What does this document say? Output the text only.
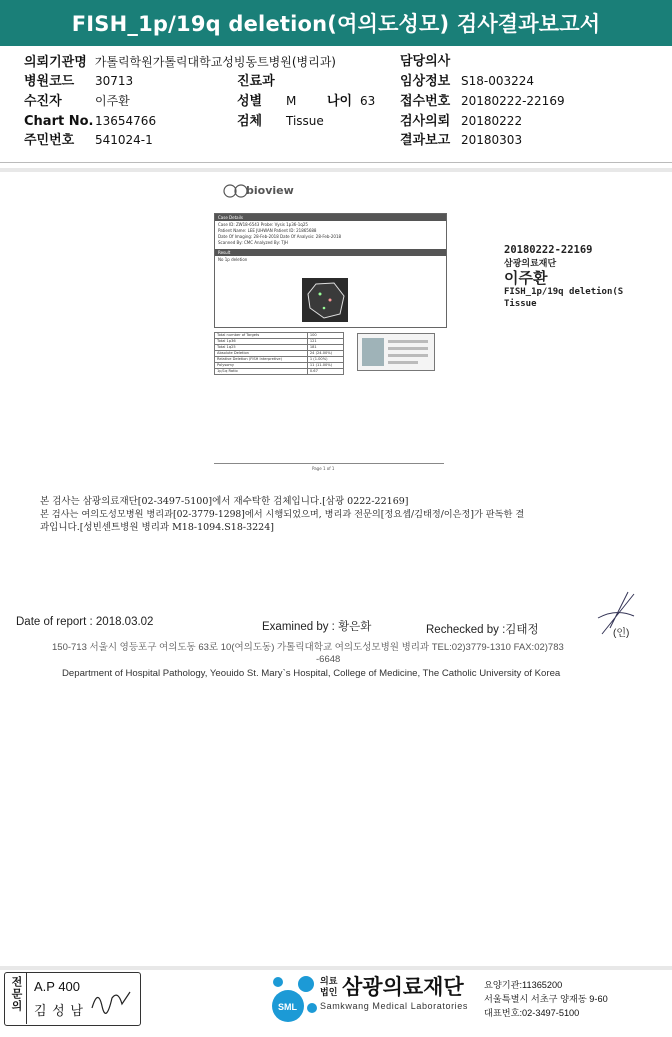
FISH_1p/19q deletion(여의도성모) 검사결과보고서
의뢰기관명 가톨릭학원가톨릭대학교성빙동트병원(병리과)	담당의사
병원코드 30713	진료과	임상정보 S18-003224
수진자	이주환	성별 M 나이 63 접수번호 20180222-22169
Chart No. 13654766	검체 Tissue	검사의뢰 20180222
주민번호 541024-1	결과보고 20180303
bioview
Case Details
Case ID: ZW18-6543 Probe: Vysis 1p36-1q25
Patient Name: LEE JUHWAN Patient ID: 21865688
Date Of Imaging: 28-Feb-2018 Date Of Analysis: 28-Feb-2018
Scanned By: CMC Analyzed By: TJH
Result
No 1p deletion
Total number of Targets	100
Total 1p36	121
Total 1q25	181
Absolute Deletion	24 (24.00%)
Relative Deletion (FISH Interpretive)	1 (1.00%)
Polysomy	11 (11.00%)
1p/1q Ratio	0.67
Page 1 of 1
20180222-22169
삼광의료재단
이주환
FISH_1p/19q deletion(S
Tissue
본 검사는 삼광의료재단[02-3497-5100]에서 재수탁한 검체입니다.[삼광 0222-22169]
본 검사는 여의도성모병원 병리과[02-3779-1298]에서 시행되었으며, 병리과 전문의[정요셉/김태정/이은정]가 판독한 결
과입니다.[성빈센트병원 병리과 M18-1094.S18-3224]
Date of report : 2018.03.02	Examined by : 황은화	Rechecked by :김태정	(인)
150-713 서울시 영등포구 여의도동 63로 10(여의도동) 가톨릭대학교 여의도성모병원 병리과 TEL:02)3779-1310 FAX:02)783
-6648
Department of Hospital Pathology, Yeouido St. Mary`s Hospital, College of Medicine, The Catholic University of Korea
전문의 A.P 400
김 성 남	SML
의료
법인 삼광의료재단
Samkwang Medical Laboratories
요양기관:11365200
서울특별시 서초구 양재동 9-60
대표번호:02-3497-5100
